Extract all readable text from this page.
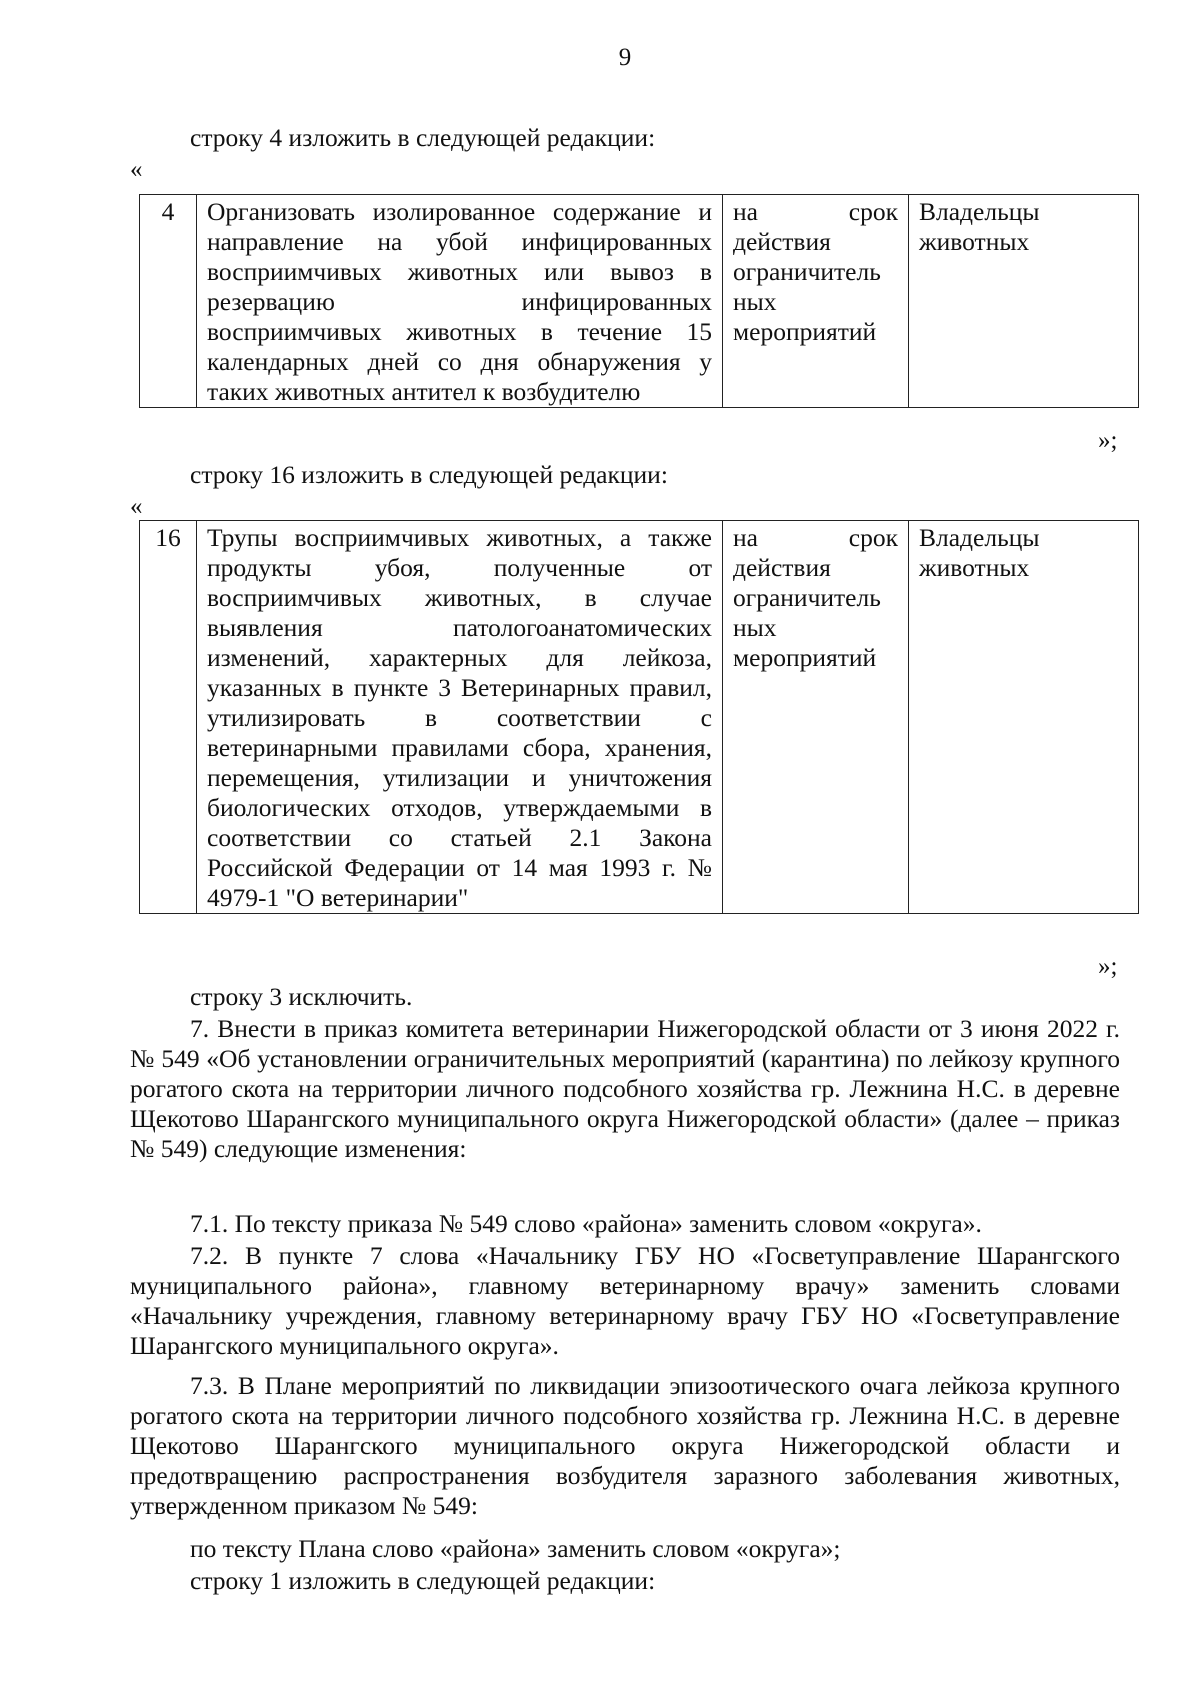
9
строку 4 изложить в следующей редакции:
«
4	Организовать изолированное содержание и направление на убой инфицированных восприимчивых животных или вывоз в резервацию инфицированных восприимчивых животных в течение 15 календарных дней со дня обнаружения у таких животных антител к возбудителю	на срок действия ограничитель ных мероприятий	Владельцы животных
»;
строку 16 изложить в следующей редакции:
«
16	Трупы восприимчивых животных, а также продукты убоя, полученные от восприимчивых животных, в случае выявления патологоанатомических изменений, характерных для лейкоза, указанных в пункте 3 Ветеринарных правил, утилизировать в соответствии с ветеринарными правилами сбора, хранения, перемещения, утилизации и уничтожения биологических отходов, утверждаемыми в соответствии со статьей 2.1 Закона Российской Федерации от 14 мая 1993 г. № 4979-1 "О ветеринарии"	на срок действия ограничитель ных мероприятий	Владельцы животных
»;
строку 3 исключить.
7. Внести в приказ комитета ветеринарии Нижегородской области от 3 июня 2022 г. № 549 «Об установлении ограничительных мероприятий (карантина) по лейкозу крупного рогатого скота на территории личного подсобного хозяйства гр. Лежнина Н.С. в деревне Щекотово Шарангского муниципального округа Нижегородской области» (далее – приказ № 549) следующие изменения:
7.1. По тексту приказа № 549 слово «района» заменить словом «округа».
7.2. В пункте 7 слова «Начальнику ГБУ НО «Госветуправление Шарангского муниципального района», главному ветеринарному врачу» заменить словами «Начальнику учреждения, главному ветеринарному врачу ГБУ НО «Госветуправление Шарангского муниципального округа».
7.3. В Плане мероприятий по ликвидации эпизоотического очага лейкоза крупного рогатого скота на территории личного подсобного хозяйства гр. Лежнина Н.С. в деревне Щекотово Шарангского муниципального округа Нижегородской области и предотвращению распространения возбудителя заразного заболевания животных, утвержденном приказом № 549:
по тексту Плана слово «района» заменить словом «округа»;
строку 1 изложить в следующей редакции:
